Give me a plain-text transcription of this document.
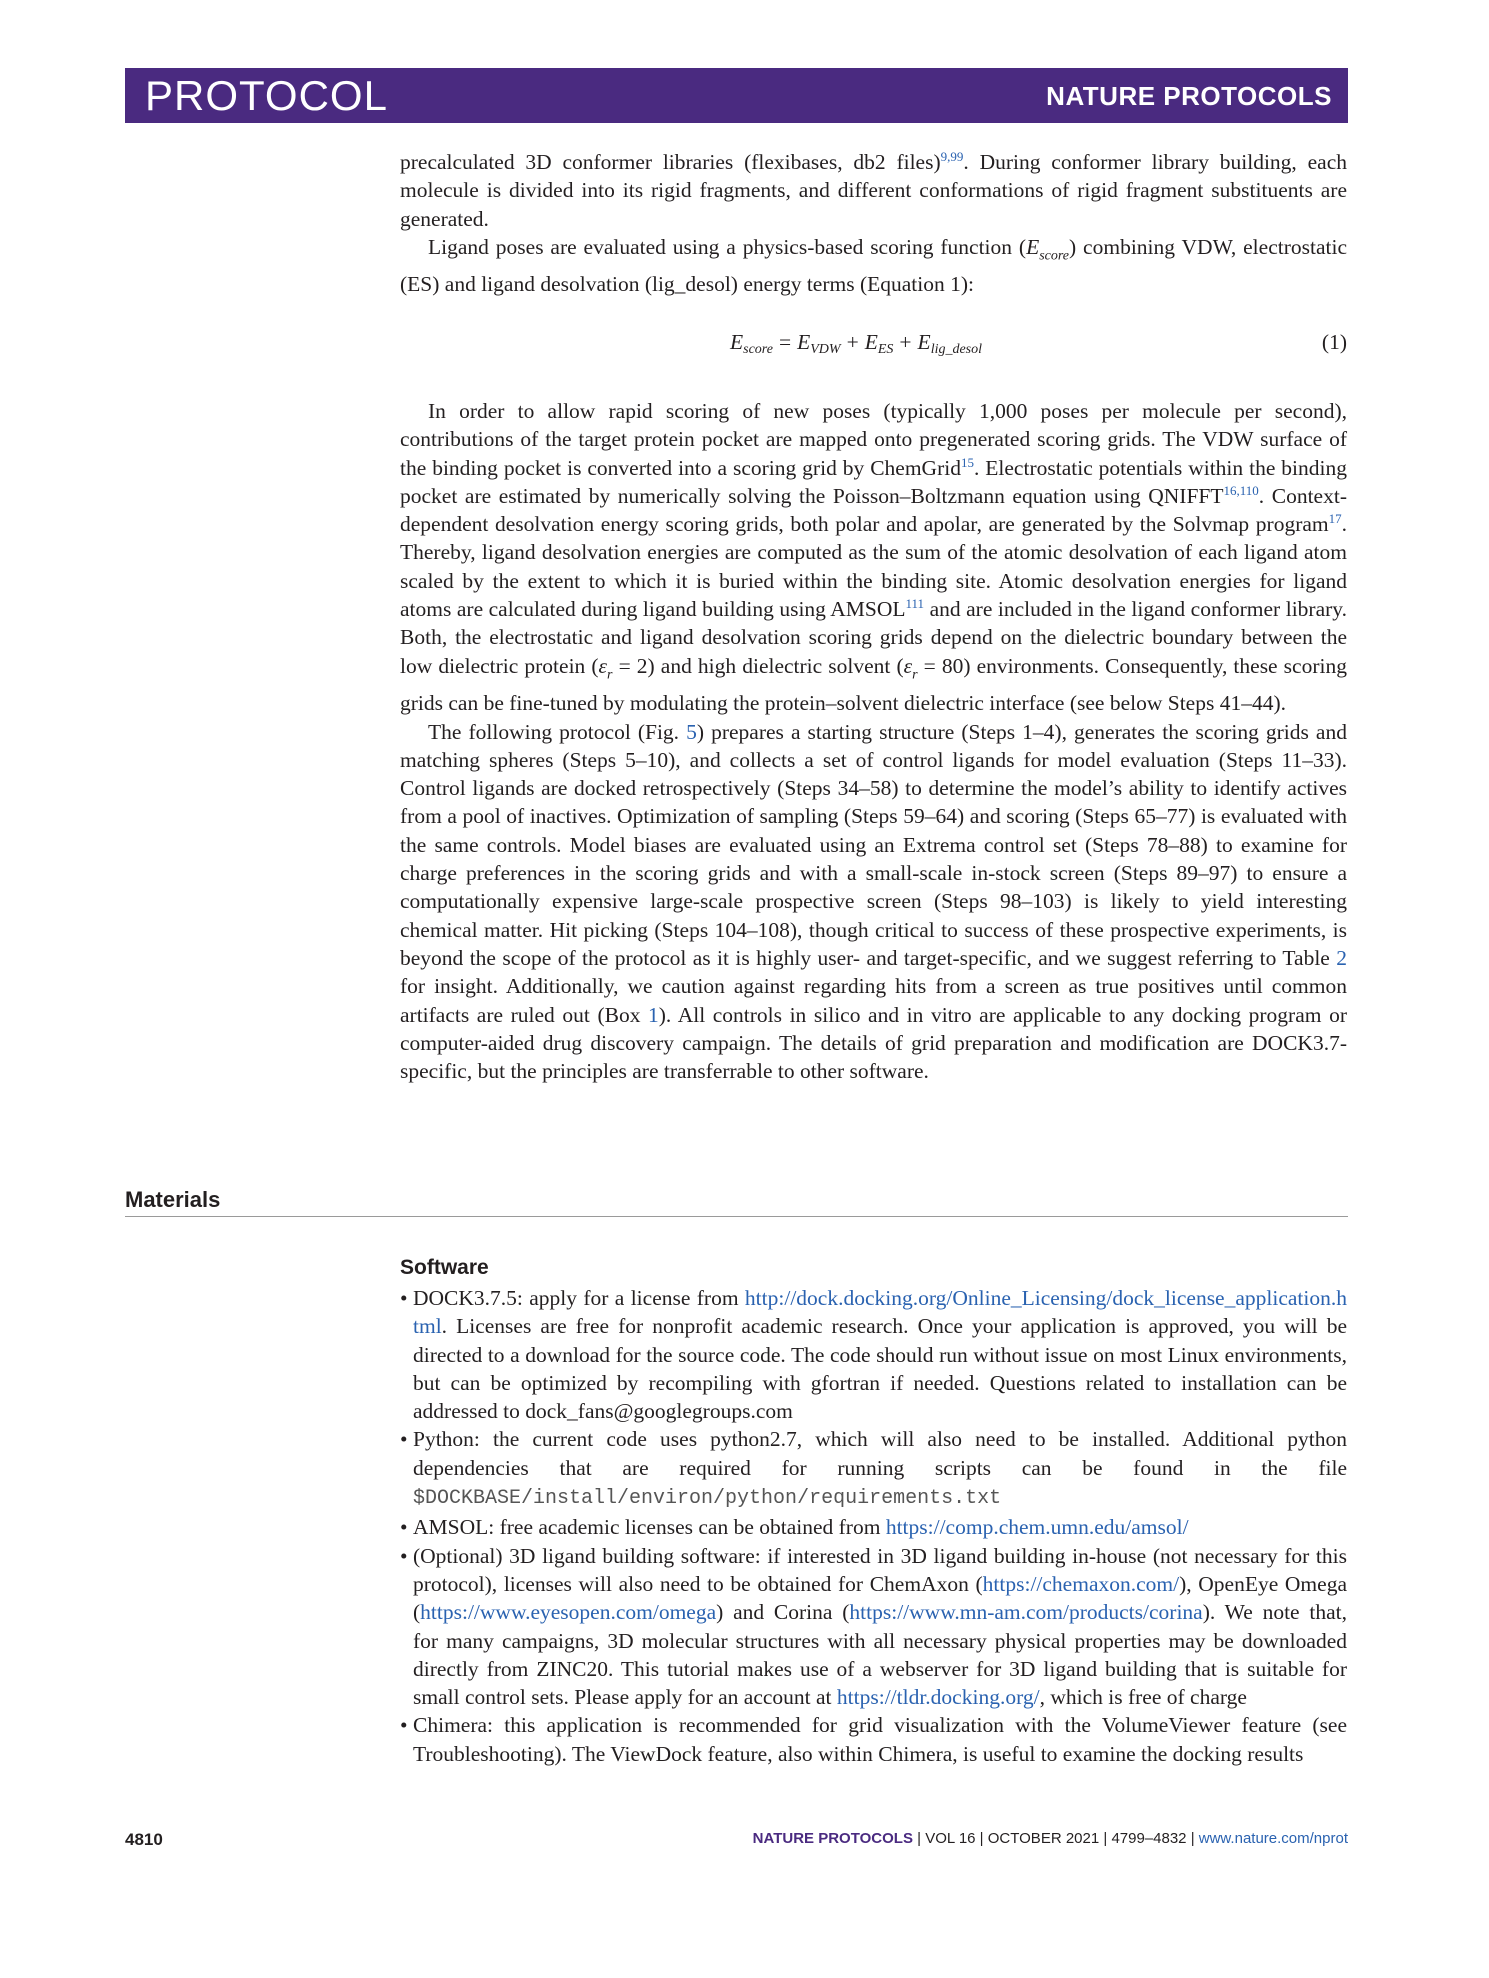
PROTOCOL	NATURE PROTOCOLS

precalculated 3D conformer libraries (flexibases, db2 files)$^{9,99}$. During conformer library building, each molecule is divided into its rigid fragments, and different conformations of rigid fragment substituents are generated.

Ligand poses are evaluated using a physics-based scoring function $(E_{score})$ combining VDW, electrostatic (ES) and ligand desolvation (lig_desol) energy terms (Equation 1):

$E_{score} = E_{VDW} + E_{ES} + E_{lig\_desol}$	(1)

In order to allow rapid scoring of new poses (typically 1,000 poses per molecule per second), contributions of the target protein pocket are mapped onto pregenerated scoring grids. The VDW surface of the binding pocket is converted into a scoring grid by ChemGrid$^{15}$. Electrostatic potentials within the binding pocket are estimated by numerically solving the Poisson–Boltzmann equation using QNIFFT$^{16,110}$. Context-dependent desolvation energy scoring grids, both polar and apolar, are generated by the Solvmap program$^{17}$. Thereby, ligand desolvation energies are computed as the sum of the atomic desolvation of each ligand atom scaled by the extent to which it is buried within the binding site. Atomic desolvation energies for ligand atoms are calculated during ligand building using AMSOL$^{111}$ and are included in the ligand conformer library. Both, the electrostatic and ligand desolvation scoring grids depend on the dielectric boundary between the low dielectric protein $(\varepsilon_r = 2)$ and high dielectric solvent $(\varepsilon_r = 80)$ environments. Consequently, these scoring grids can be fine-tuned by modulating the protein–solvent dielectric interface (see below Steps 41–44).

The following protocol (Fig. 5) prepares a starting structure (Steps 1–4), generates the scoring grids and matching spheres (Steps 5–10), and collects a set of control ligands for model evaluation (Steps 11–33). Control ligands are docked retrospectively (Steps 34–58) to determine the model’s ability to identify actives from a pool of inactives. Optimization of sampling (Steps 59–64) and scoring (Steps 65–77) is evaluated with the same controls. Model biases are evaluated using an Extrema control set (Steps 78–88) to examine for charge preferences in the scoring grids and with a small-scale in-stock screen (Steps 89–97) to ensure a computationally expensive large-scale prospective screen (Steps 98–103) is likely to yield interesting chemical matter. Hit picking (Steps 104–108), though critical to success of these prospective experiments, is beyond the scope of the protocol as it is highly user- and target-specific, and we suggest referring to Table 2 for insight. Additionally, we caution against regarding hits from a screen as true positives until common artifacts are ruled out (Box 1). All controls in silico and in vitro are applicable to any docking program or computer-aided drug discovery campaign. The details of grid preparation and modification are DOCK3.7-specific, but the principles are transferrable to other software.

Materials
Software
• DOCK3.7.5: apply for a license from http://dock.docking.org/Online_Licensing/dock_license_application.html. Licenses are free for nonprofit academic research. Once your application is approved, you will be directed to a download for the source code. The code should run without issue on most Linux environments, but can be optimized by recompiling with gfortran if needed. Questions related to installation can be addressed to dock_fans@googlegroups.com
• Python: the current code uses python2.7, which will also need to be installed. Additional python dependencies that are required for running scripts can be found in the file $DOCKBASE/install/environ/python/requirements.txt
• AMSOL: free academic licenses can be obtained from https://comp.chem.umn.edu/amsol/
• (Optional) 3D ligand building software: if interested in 3D ligand building in-house (not necessary for this protocol), licenses will also need to be obtained for ChemAxon (https://chemaxon.com/), OpenEye Omega (https://www.eyesopen.com/omega) and Corina (https://www.mn-am.com/products/corina). We note that, for many campaigns, 3D molecular structures with all necessary physical properties may be downloaded directly from ZINC20. This tutorial makes use of a webserver for 3D ligand building that is suitable for small control sets. Please apply for an account at https://tldr.docking.org/, which is free of charge
• Chimera: this application is recommended for grid visualization with the VolumeViewer feature (see Troubleshooting). The ViewDock feature, also within Chimera, is useful to examine the docking results
4810	NATURE PROTOCOLS | VOL 16 | OCTOBER 2021 | 4799–4832 | www.nature.com/nprot
